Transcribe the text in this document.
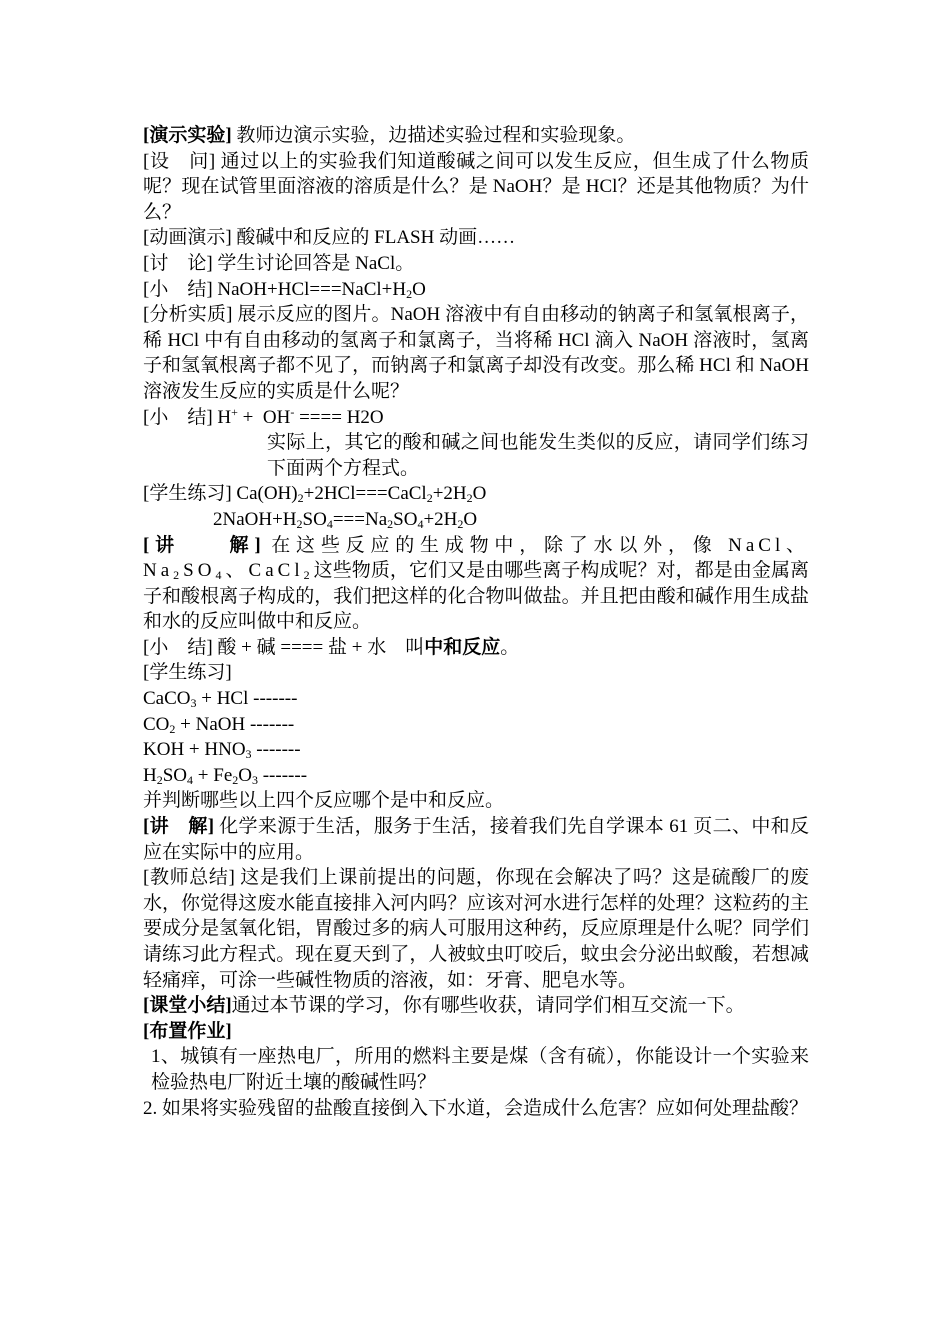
[演示实验] 教师边演示实验，边描述实验过程和实验现象。

[设　问] 通过以上的实验我们知道酸碱之间可以发生反应，但生成了什么物质呢？现在试管里面溶液的溶质是什么？是 NaOH？是 HCl？还是其他物质？为什么？

[动画演示] 酸碱中和反应的 FLASH 动画……

[讨　论] 学生讨论回答是 NaCl。

[小　结] $NaOH+HCl===NaCl+H_2O$

[分析实质] 展示反应的图片。NaOH 溶液中有自由移动的钠离子和氢氧根离子，稀 HCl 中有自由移动的氢离子和氯离子，当将稀 HCl 滴入 NaOH 溶液时，氢离子和氢氧根离子都不见了，而钠离子和氯离子却没有改变。那么稀 HCl 和 NaOH 溶液发生反应的实质是什么呢？

[小　结] H+ +  OH- ==== H2O

实际上，其它的酸和碱之间也能发生类似的反应，请同学们练习下面两个方程式。

[学生练习] $Ca(OH)_2+2HCl===CaCl_2+2H_2O$

$2NaOH+H_2SO_4===Na_2SO_4+2H_2O$

[讲　　解] 在这些反应的生成物中，除了水以外，像 NaCl、$Na_2SO_4$、CaCl$_2$这些物质，它们又是由哪些离子构成呢？对，都是由金属离子和酸根离子构成的，我们把这样的化合物叫做盐。并且把由酸和碱作用生成盐和水的反应叫做中和反应。

[小　结] 酸 + 碱 ==== 盐 + 水　叫中和反应。

[学生练习]

CaCO$_3$ + HCl -------

$CO_2$ + NaOH -------

KOH + $HNO_3$ -------

$H_2SO_4 + Fe_2O_3$ -------

并判断哪些以上四个反应哪个是中和反应。

[讲　解] 化学来源于生活，服务于生活，接着我们先自学课本 61 页二、中和反应在实际中的应用。

[教师总结] 这是我们上课前提出的问题，你现在会解决了吗？这是硫酸厂的废水，你觉得这废水能直接排入河内吗？应该对河水进行怎样的处理？这粒药的主要成分是氢氧化铝，胃酸过多的病人可服用这种药，反应原理是什么呢？同学们请练习此方程式。现在夏天到了，人被蚊虫叮咬后，蚊虫会分泌出蚁酸，若想减轻痛痒，可涂一些碱性物质的溶液，如：牙膏、肥皂水等。

[课堂小结]通过本节课的学习，你有哪些收获，请同学们相互交流一下。

[布置作业]

1、城镇有一座热电厂，所用的燃料主要是煤（含有硫），你能设计一个实验来检验热电厂附近土壤的酸碱性吗？

2. 如果将实验残留的盐酸直接倒入下水道，会造成什么危害？应如何处理盐酸？
